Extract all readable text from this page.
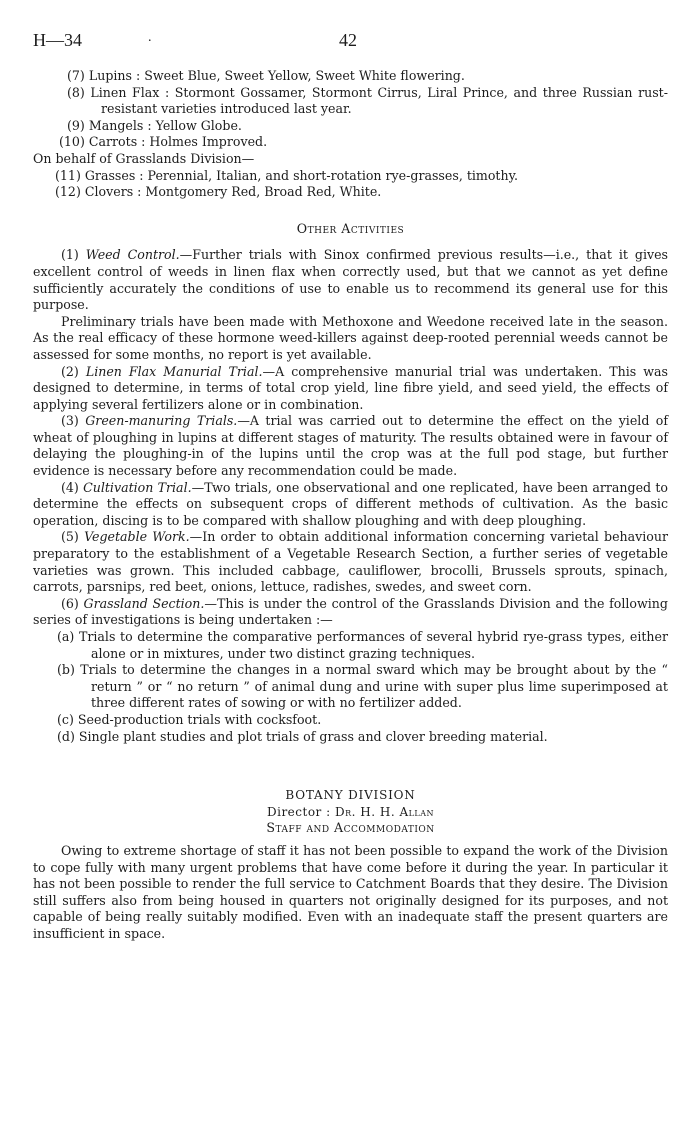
H—34	.	42
(7) Lupins : Sweet Blue, Sweet Yellow, Sweet White flowering.
(8) Linen Flax : Stormont Gossamer, Stormont Cirrus, Liral Prince, and three Russian rust-resistant varieties introduced last year.
(9) Mangels : Yellow Globe.
(10) Carrots : Holmes Improved.

On behalf of Grasslands Division—

(11) Grasses : Perennial, Italian, and short-rotation rye-grasses, timothy.
(12) Clovers : Montgomery Red, Broad Red, White.

Other Activities

(1) Weed Control.—Further trials with Sinox confirmed previous results—i.e., that it gives excellent control of weeds in linen flax when correctly used, but that we cannot as yet define sufficiently accurately the conditions of use to enable us to recommend its general use for this purpose.

Preliminary trials have been made with Methoxone and Weedone received late in the season. As the real efficacy of these hormone weed-killers against deep-rooted perennial weeds cannot be assessed for some months, no report is yet available.

(2) Linen Flax Manurial Trial.—A comprehensive manurial trial was undertaken. This was designed to determine, in terms of total crop yield, line fibre yield, and seed yield, the effects of applying several fertilizers alone or in combination.

(3) Green-manuring Trials.—A trial was carried out to determine the effect on the yield of wheat of ploughing in lupins at different stages of maturity. The results obtained were in favour of delaying the ploughing-in of the lupins until the crop was at the full pod stage, but further evidence is necessary before any recommendation could be made.

(4) Cultivation Trial.—Two trials, one observational and one replicated, have been arranged to determine the effects on subsequent crops of different methods of cultivation. As the basic operation, discing is to be compared with shallow ploughing and with deep ploughing.

(5) Vegetable Work.—In order to obtain additional information concerning varietal behaviour preparatory to the establishment of a Vegetable Research Section, a further series of vegetable varieties was grown. This included cabbage, cauliflower, brocolli, Brussels sprouts, spinach, carrots, parsnips, red beet, onions, lettuce, radishes, swedes, and sweet corn.

(6) Grassland Section.—This is under the control of the Grasslands Division and the following series of investigations is being undertaken :—

(a) Trials to determine the comparative performances of several hybrid rye-grass types, either alone or in mixtures, under two distinct grazing techniques.
(b) Trials to determine the changes in a normal sward which may be brought about by the “ return ” or “ no return ” of animal dung and urine with super plus lime superimposed at three different rates of sowing or with no fertilizer added.
(c) Seed-production trials with cocksfoot.
(d) Single plant studies and plot trials of grass and clover breeding material.

BOTANY DIVISION

Director : Dr. H. H. Allan

Staff and Accommodation

Owing to extreme shortage of staff it has not been possible to expand the work of the Division to cope fully with many urgent problems that have come before it during the year. In particular it has not been possible to render the full service to Catchment Boards that they desire. The Division still suffers also from being housed in quarters not originally designed for its purposes, and not capable of being really suitably modified. Even with an inadequate staff the present quarters are insufficient in space.
